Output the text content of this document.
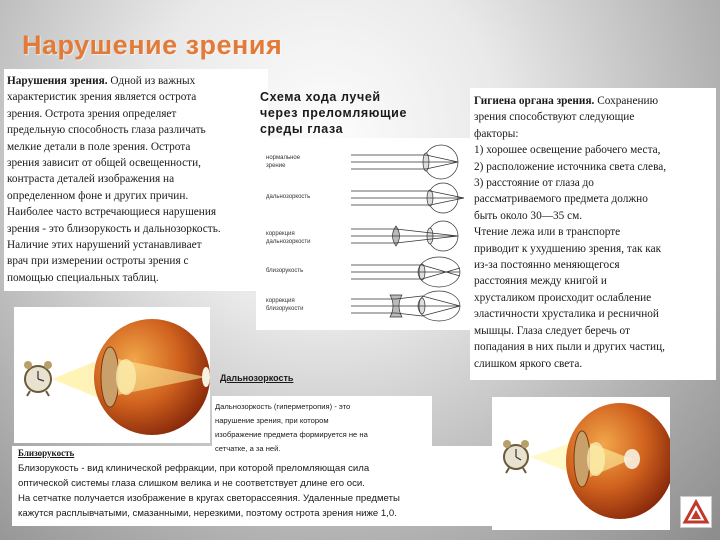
Нарушение зрения
Нарушения зрения. Одной из важных
характеристик зрения является острота
зрения. Острота зрения определяет
предельную способность глаза различать
мелкие детали в поле зрения. Острота
зрения зависит от общей освещенности,
контраста деталей изображения на
определенном фоне и других причин.
Наиболее часто встречающиеся нарушения
зрения - это близорукость и дальнозоркость.
Наличие этих нарушений устанавливает
врач при измерении остроты зрения с
помощью специальных таблиц.
Схема хода лучей
через преломляющие
среды глаза
нормальное
зрение
дальнозоркость
коррекция
дальнозоркости
близорукость
коррекция
близорукости
Гигиена органа зрения. Сохранению
зрения способствуют следующие
факторы:
1) хорошее освещение рабочего места,
2) расположение источника света слева,
3) расстояние от глаза до
рассматриваемого предмета должно
быть около 30—35 см.
Чтение лежа или в транспорте
приводит к ухудшению зрения, так как
из-за постоянно меняющегося
расстояния между книгой и
хрусталиком происходит ослабление
эластичности хрусталика и ресничной
мышцы. Глаза следует беречь от
попадания в них пыли и других частиц,
слишком яркого света.
Дальнозоркость
Дальнозоркость (гиперметропия) - это
нарушение зрения, при котором
изображение предмета формируется не на
сетчатке, а за ней.
Близорукость
Близорукость - вид клинической рефракции, при которой преломляющая сила
оптической системы глаза слишком велика и не соответствует длине его оси.
На сетчатке получается изображение в кругах светорассеяния. Удаленные предметы
кажутся расплывчатыми, смазанными, нерезкими, поэтому острота зрения ниже 1,0.
